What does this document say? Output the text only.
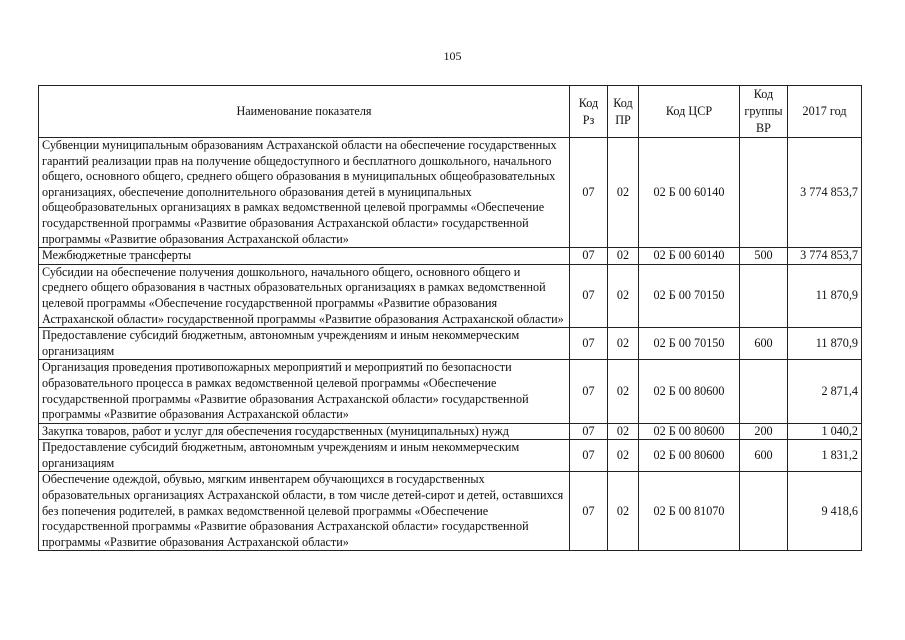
105
Наименование показателя	Код Рз	Код ПР	Код ЦСР	Код группы ВР	2017 год
Субвенции муниципальным образованиям Астраханской области на обеспечение государственных гарантий реализации прав на получение общедоступного и бесплатного дошкольного, начального общего, основного общего, среднего общего образования в муниципальных общеобразовательных организациях, обеспечение дополнительного образования детей в муниципальных общеобразовательных организациях в рамках ведомственной целевой программы «Обеспечение государственной программы «Развитие образования Астраханской области» государственной программы «Развитие образования Астраханской области»	07	02	02 Б 00 60140		3 774 853,7
Межбюджетные трансферты	07	02	02 Б 00 60140	500	3 774 853,7
Субсидии на обеспечение получения дошкольного, начального общего, основного общего и среднего общего образования в частных образовательных организациях в рамках ведомственной целевой программы «Обеспечение государственной программы «Развитие образования Астраханской области» государственной программы «Развитие образования Астраханской области»	07	02	02 Б 00 70150		11 870,9
Предоставление субсидий бюджетным, автономным учреждениям и иным некоммерческим организациям	07	02	02 Б 00 70150	600	11 870,9
Организация проведения противопожарных мероприятий и мероприятий по безопасности образовательного процесса в рамках ведомственной целевой программы «Обеспечение государственной программы «Развитие образования Астраханской области» государственной программы «Развитие образования Астраханской области»	07	02	02 Б 00 80600		2 871,4
Закупка товаров, работ и услуг для обеспечения государственных (муниципальных) нужд	07	02	02 Б 00 80600	200	1 040,2
Предоставление субсидий бюджетным, автономным учреждениям и иным некоммерческим организациям	07	02	02 Б 00 80600	600	1 831,2
Обеспечение одеждой, обувью, мягким инвентарем обучающихся в государственных образовательных организациях Астраханской области, в том числе детей-сирот и детей, оставшихся без попечения родителей, в рамках ведомственной целевой программы «Обеспечение государственной программы «Развитие образования Астраханской области» государственной программы «Развитие образования Астраханской области»	07	02	02 Б 00 81070		9 418,6
